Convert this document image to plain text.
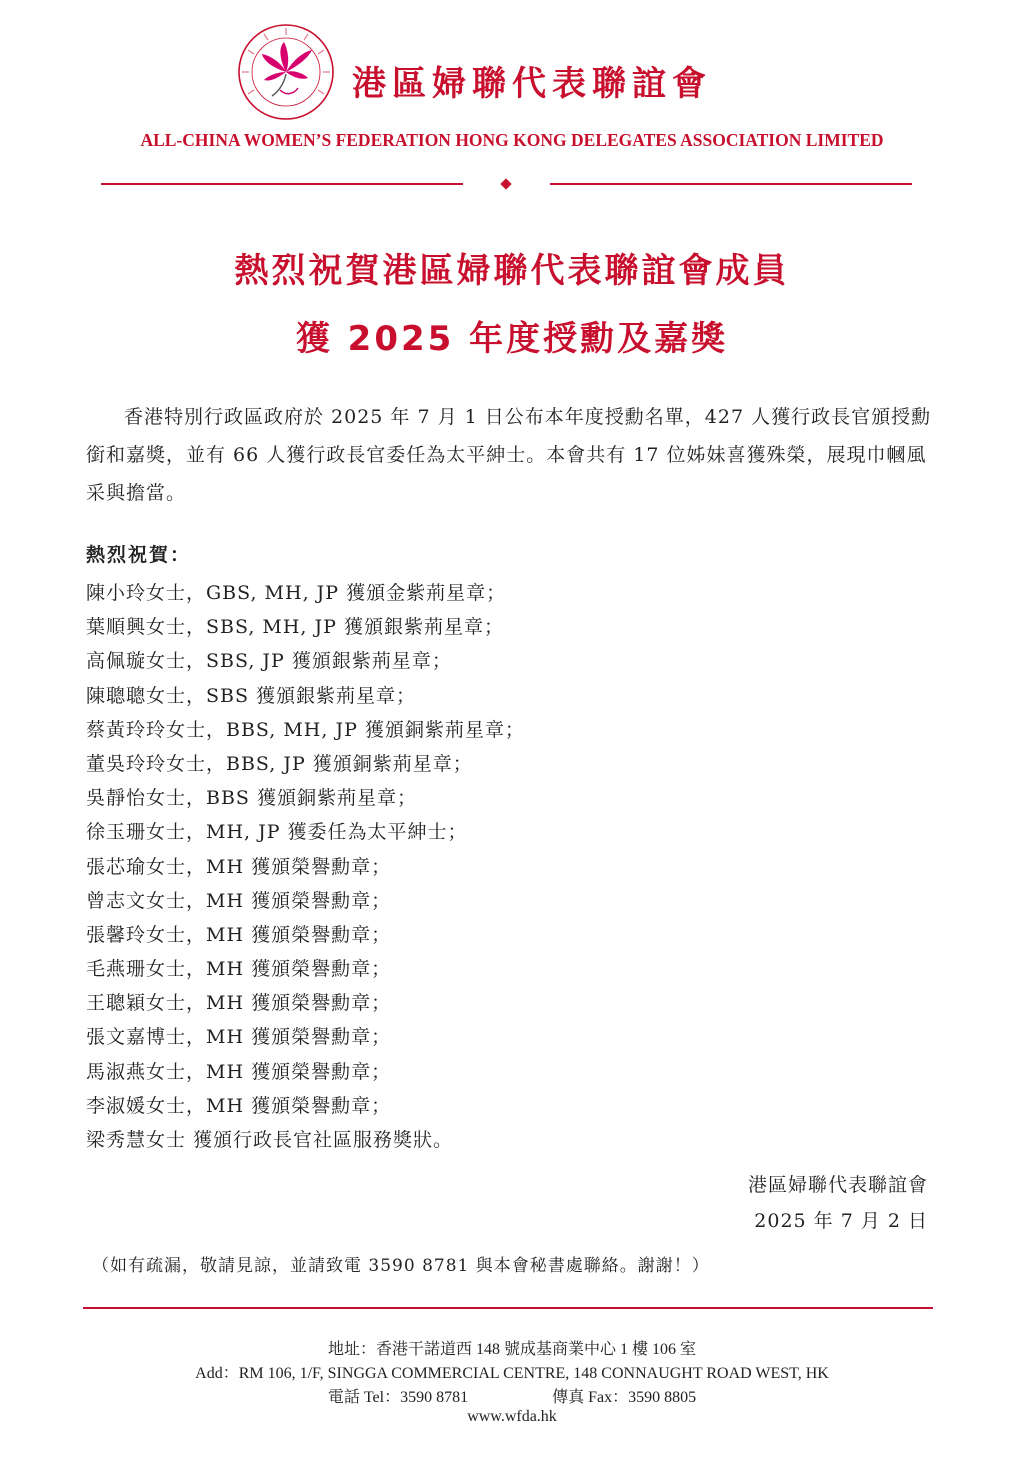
港區婦聯代表聯誼會
ALL-CHINA WOMEN’S FEDERATION HONG KONG DELEGATES ASSOCIATION LIMITED
熱烈祝賀港區婦聯代表聯誼會成員
獲 2025 年度授勳及嘉獎

香港特別行政區政府於 2025 年 7 月 1 日公布本年度授勳名單，427 人獲行政長官頒授勳銜和嘉獎，並有 66 人獲行政長官委任為太平紳士。本會共有 17 位姊妹喜獲殊榮，展現巾幗風采與擔當。

熱烈祝賀：
陳小玲女士，GBS, MH, JP 獲頒金紫荊星章；
葉順興女士，SBS, MH, JP 獲頒銀紫荊星章；
高佩璇女士，SBS, JP 獲頒銀紫荊星章；
陳聰聰女士，SBS 獲頒銀紫荊星章；
蔡黃玲玲女士，BBS, MH, JP 獲頒銅紫荊星章；
董吳玲玲女士，BBS, JP 獲頒銅紫荊星章；
吳靜怡女士，BBS 獲頒銅紫荊星章；
徐玉珊女士，MH, JP 獲委任為太平紳士；
張芯瑜女士，MH 獲頒榮譽勳章；
曾志文女士，MH 獲頒榮譽勳章；
張馨玲女士，MH 獲頒榮譽勳章；
毛燕珊女士，MH 獲頒榮譽勳章；
王聰穎女士，MH 獲頒榮譽勳章；
張文嘉博士，MH 獲頒榮譽勳章；
馬淑燕女士，MH 獲頒榮譽勳章；
李淑媛女士，MH 獲頒榮譽勳章；
梁秀慧女士 獲頒行政長官社區服務獎狀。
港區婦聯代表聯誼會
2025 年 7 月 2 日
（如有疏漏，敬請見諒，並請致電 3590 8781 與本會秘書處聯絡。謝謝！）
地址：香港干諾道西 148 號成基商業中心 1 樓 106 室
Add：RM 106, 1/F, SINGGA COMMERCIAL CENTRE, 148 CONNAUGHT ROAD WEST, HK
電話 Tel：3590 8781	傳真 Fax：3590 8805
www.wfda.hk
